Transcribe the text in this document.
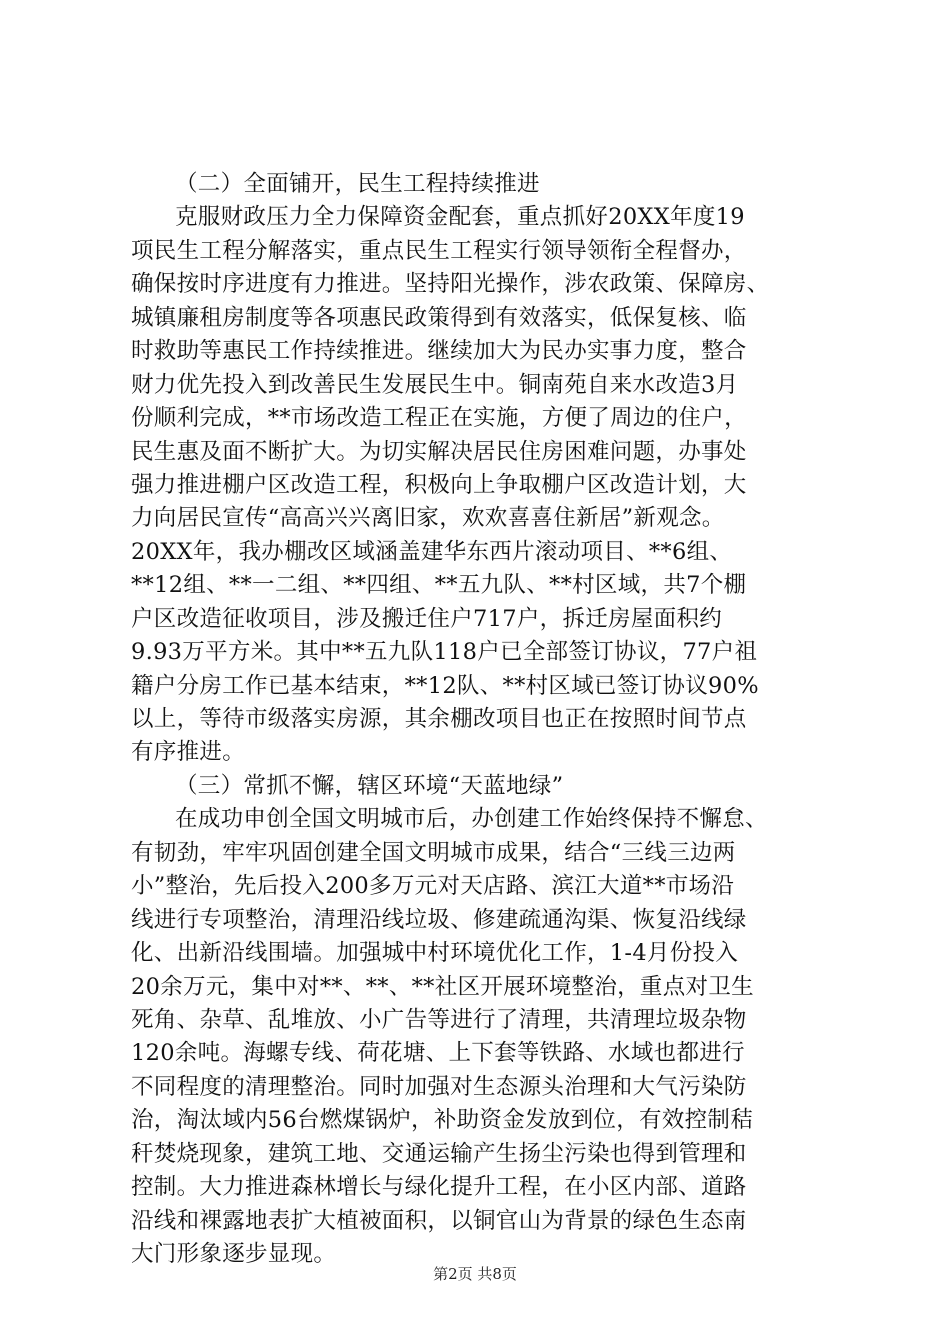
（二）全面铺开，民生工程持续推进
克服财政压力全力保障资金配套，重点抓好20XX年度19
项民生工程分解落实，重点民生工程实行领导领衔全程督办，
确保按时序进度有力推进。坚持阳光操作，涉农政策、保障房、
城镇廉租房制度等各项惠民政策得到有效落实，低保复核、临
时救助等惠民工作持续推进。继续加大为民办实事力度，整合
财力优先投入到改善民生发展民生中。铜南苑自来水改造3月
份顺利完成，**市场改造工程正在实施，方便了周边的住户，
民生惠及面不断扩大。为切实解决居民住房困难问题，办事处
强力推进棚户区改造工程，积极向上争取棚户区改造计划，大
力向居民宣传“高高兴兴离旧家，欢欢喜喜住新居”新观念。
20XX年，我办棚改区域涵盖建华东西片滚动项目、**6组、
**12组、**一二组、**四组、**五九队、**村区域，共7个棚
户区改造征收项目，涉及搬迁住户717户，拆迁房屋面积约
9.93万平方米。其中**五九队118户已全部签订协议，77户祖
籍户分房工作已基本结束，**12队、**村区域已签订协议90%
以上，等待市级落实房源，其余棚改项目也正在按照时间节点
有序推进。
（三）常抓不懈，辖区环境“天蓝地绿”
在成功申创全国文明城市后，办创建工作始终保持不懈怠、
有韧劲，牢牢巩固创建全国文明城市成果，结合“三线三边两
小”整治，先后投入200多万元对天店路、滨江大道**市场沿
线进行专项整治，清理沿线垃圾、修建疏通沟渠、恢复沿线绿
化、出新沿线围墙。加强城中村环境优化工作，1-4月份投入
20余万元，集中对**、**、**社区开展环境整治，重点对卫生
死角、杂草、乱堆放、小广告等进行了清理，共清理垃圾杂物
120余吨。海螺专线、荷花塘、上下套等铁路、水域也都进行
不同程度的清理整治。同时加强对生态源头治理和大气污染防
治，淘汰域内56台燃煤锅炉，补助资金发放到位，有效控制秸
秆焚烧现象，建筑工地、交通运输产生扬尘污染也得到管理和
控制。大力推进森林增长与绿化提升工程，在小区内部、道路
沿线和裸露地表扩大植被面积，以铜官山为背景的绿色生态南
大门形象逐步显现。
第2页 共8页
